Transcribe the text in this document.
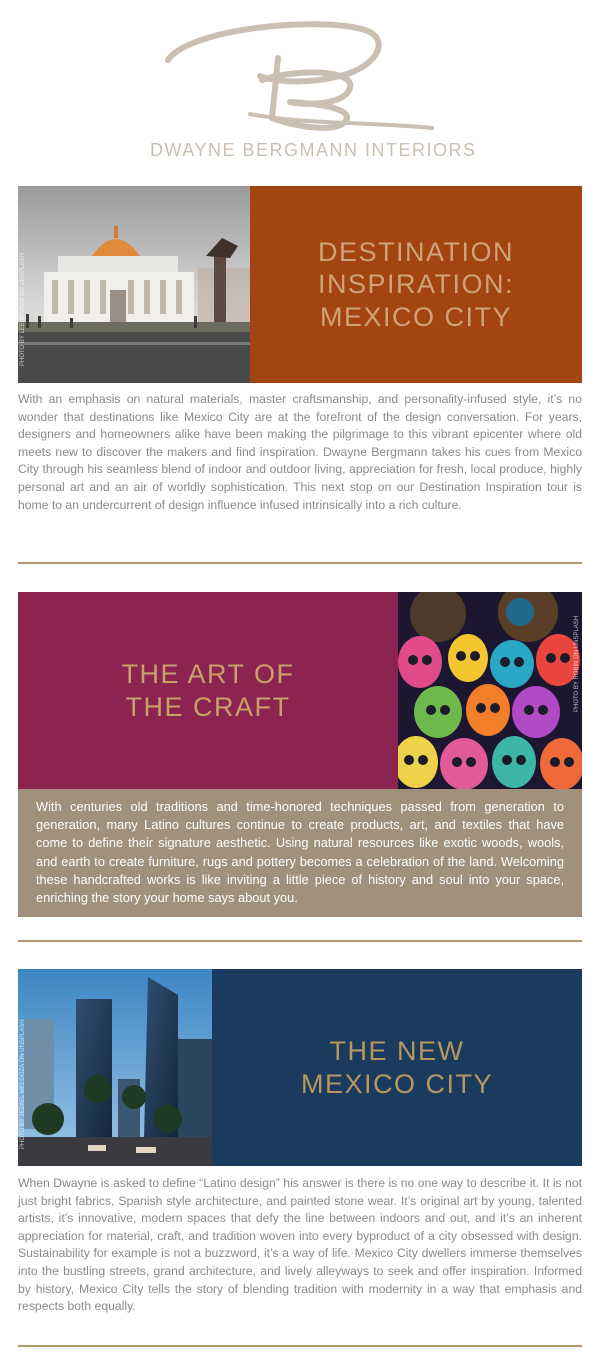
DWAYNE BERGMANN INTERIORS
PHOTO BY LEE-MARCO ON UNSPLASH
DESTINATION
INSPIRATION:
MEXICO CITY
With an emphasis on natural materials, master craftsmanship, and personality-infused style, it’s no wonder that destinations like Mexico City are at the forefront of the design conversation. For years, designers and homeowners alike have been making the pilgrimage to this vibrant epicenter where old meets new to discover the makers and find inspiration. Dwayne Bergmann takes his cues from Mexico City through his seamless blend of indoor and outdoor living, appreciation for fresh, local produce, highly personal art and an air of worldly sophistication. This next stop on our Destination Inspiration tour is home to an undercurrent of design influence infused intrinsically into a rich culture.
THE ART OF
THE CRAFT	PHOTO BY ROBIN ON UNSPLASH
With centuries old traditions and time-honored techniques passed from generation to generation, many Latino cultures continue to create products, art, and textiles that have come to define their signature aesthetic. Using natural resources like exotic woods, wools, and earth to create furniture, rugs and pottery becomes a celebration of the land. Welcoming these handcrafted works is like inviting a little piece of history and soul into your space, enriching the story your home says about you.
PHOTO BY JEZAEL MELGOZA ON UNSPLASH	THE NEW
MEXICO CITY
When Dwayne is asked to define “Latino design” his answer is there is no one way to describe it. It is not just bright fabrics, Spanish style architecture, and painted stone wear. It’s original art by young, talented artists, it’s innovative, modern spaces that defy the line between indoors and out, and it’s an inherent appreciation for material, craft, and tradition woven into every byproduct of a city obsessed with design. Sustainability for example is not a buzzword, it’s a way of life. Mexico City dwellers immerse themselves into the bustling streets, grand architecture, and lively alleyways to seek and offer inspiration. Informed by history, Mexico City tells the story of blending tradition with modernity in a way that emphasis and respects both equally.
